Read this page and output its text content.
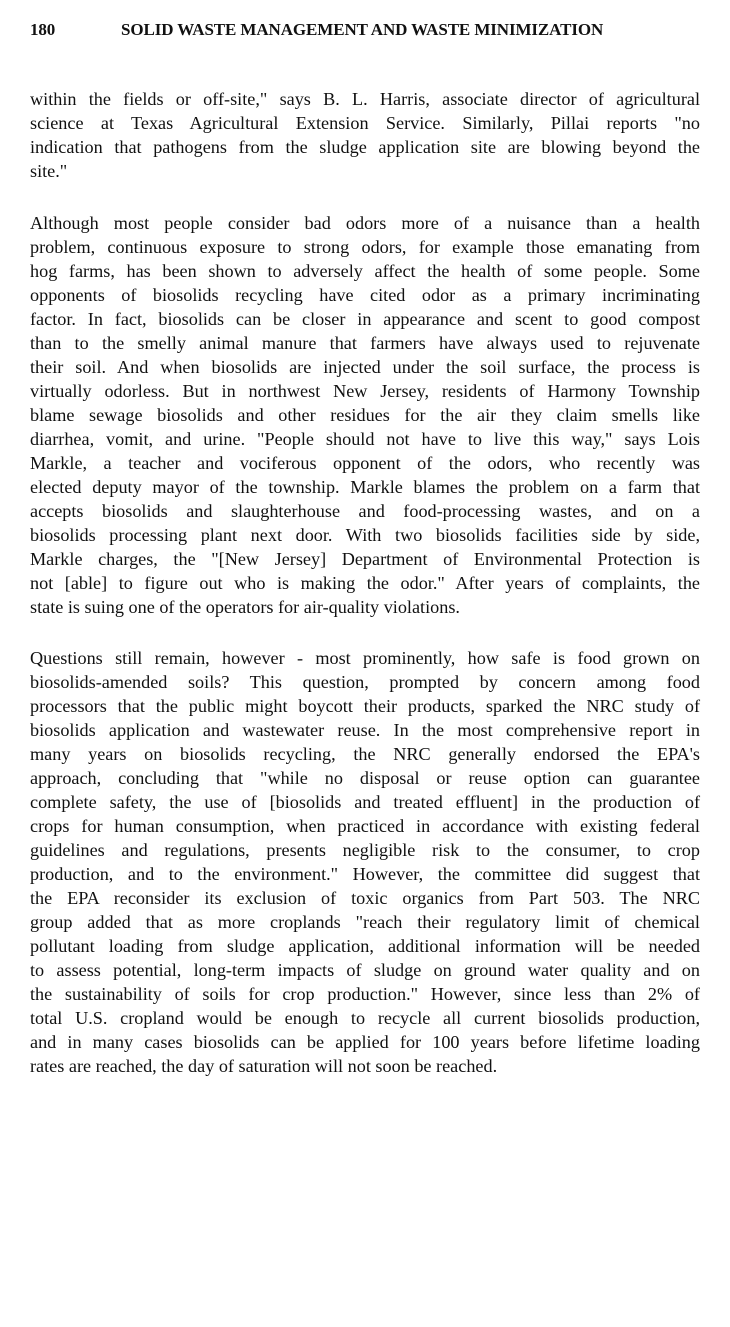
180	SOLID WASTE MANAGEMENT AND WASTE MINIMIZATION
within the fields or off-site," says B. L. Harris, associate director of agricultural
science at Texas Agricultural Extension Service. Similarly, Pillai reports "no
indication that pathogens from the sludge application site are blowing beyond the
site."
Although most people consider bad odors more of a nuisance than a health
problem, continuous exposure to strong odors, for example those emanating from
hog farms, has been shown to adversely affect the health of some people. Some
opponents of biosolids recycling have cited odor as a primary incriminating
factor. In fact, biosolids can be closer in appearance and scent to good compost
than to the smelly animal manure that farmers have always used to rejuvenate
their soil. And when biosolids are injected under the soil surface, the process is
virtually odorless. But in northwest New Jersey, residents of Harmony Township
blame sewage biosolids and other residues for the air they claim smells like
diarrhea, vomit, and urine. "People should not have to live this way," says Lois
Markle, a teacher and vociferous opponent of the odors, who recently was
elected deputy mayor of the township. Markle blames the problem on a farm that
accepts biosolids and slaughterhouse and food-processing wastes, and on a
biosolids processing plant next door. With two biosolids facilities side by side,
Markle charges, the "[New Jersey] Department of Environmental Protection is
not [able] to figure out who is making the odor." After years of complaints, the
state is suing one of the operators for air-quality violations.
Questions still remain, however - most prominently, how safe is food grown on
biosolids-amended soils? This question, prompted by concern among food
processors that the public might boycott their products, sparked the NRC study of
biosolids application and wastewater reuse. In the most comprehensive report in
many years on biosolids recycling, the NRC generally endorsed the EPA's
approach, concluding that "while no disposal or reuse option can guarantee
complete safety, the use of [biosolids and treated effluent] in the production of
crops for human consumption, when practiced in accordance with existing federal
guidelines and regulations, presents negligible risk to the consumer, to crop
production, and to the environment." However, the committee did suggest that
the EPA reconsider its exclusion of toxic organics from Part 503. The NRC
group added that as more croplands "reach their regulatory limit of chemical
pollutant loading from sludge application, additional information will be needed
to assess potential, long-term impacts of sludge on ground water quality and on
the sustainability of soils for crop production." However, since less than 2% of
total U.S. cropland would be enough to recycle all current biosolids production,
and in many cases biosolids can be applied for 100 years before lifetime loading
rates are reached, the day of saturation will not soon be reached.
